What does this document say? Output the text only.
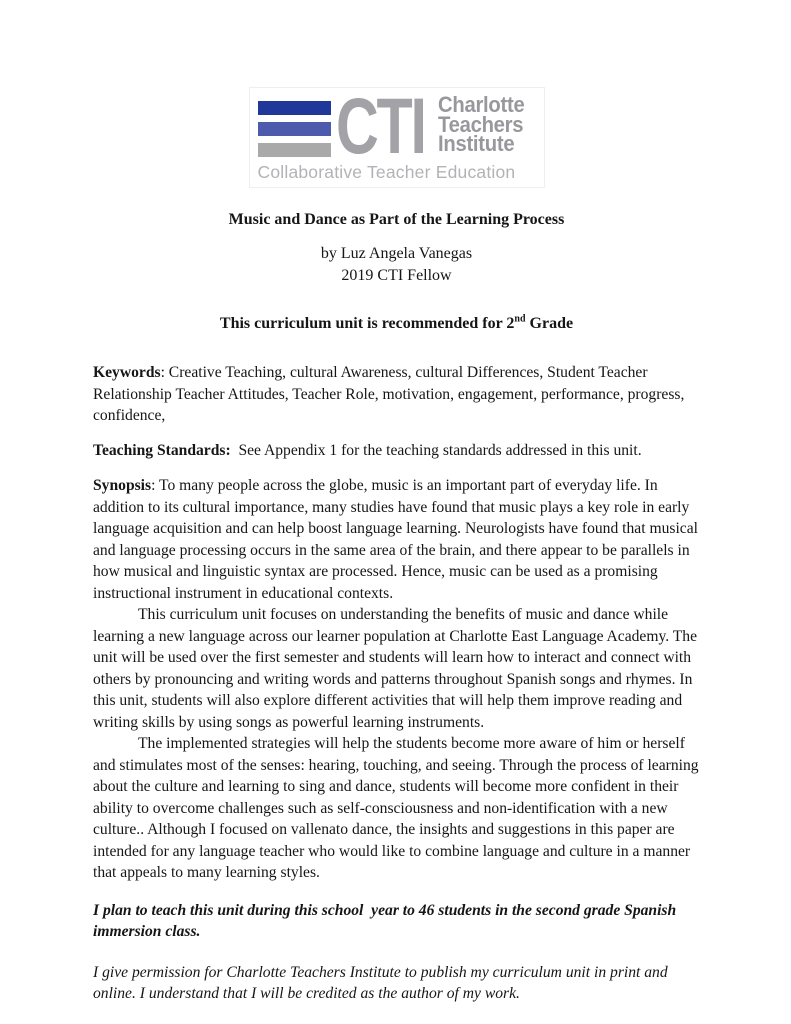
CTI Charlotte
Teachers
Institute
Collaborative Teacher Education
Music and Dance as Part of the Learning Process
by Luz Angela Vanegas
2019 CTI Fellow
This curriculum unit is recommended for 2nd Grade

Keywords: Creative Teaching, cultural Awareness, cultural Differences, Student Teacher Relationship Teacher Attitudes, Teacher Role, motivation, engagement, performance, progress, confidence,

Teaching Standards:  See Appendix 1 for the teaching standards addressed in this unit.

Synopsis: To many people across the globe, music is an important part of everyday life. In addition to its cultural importance, many studies have found that music plays a key role in early language acquisition and can help boost language learning. Neurologists have found that musical and language processing occurs in the same area of the brain, and there appear to be parallels in how musical and linguistic syntax are processed. Hence, music can be used as a promising instructional instrument in educational contexts.

This curriculum unit focuses on understanding the benefits of music and dance while learning a new language across our learner population at Charlotte East Language Academy. The unit will be used over the first semester and students will learn how to interact and connect with others by pronouncing and writing words and patterns throughout Spanish songs and rhymes. In this unit, students will also explore different activities that will help them improve reading and writing skills by using songs as powerful learning instruments.

The implemented strategies will help the students become more aware of him or herself and stimulates most of the senses: hearing, touching, and seeing. Through the process of learning about the culture and learning to sing and dance, students will become more confident in their ability to overcome challenges such as self-consciousness and non-identification with a new culture.. Although I focused on vallenato dance, the insights and suggestions in this paper are intended for any language teacher who would like to combine language and culture in a manner that appeals to many learning styles.

I plan to teach this unit during this school  year to 46 students in the second grade Spanish immersion class.

I give permission for Charlotte Teachers Institute to publish my curriculum unit in print and online. I understand that I will be credited as the author of my work.
